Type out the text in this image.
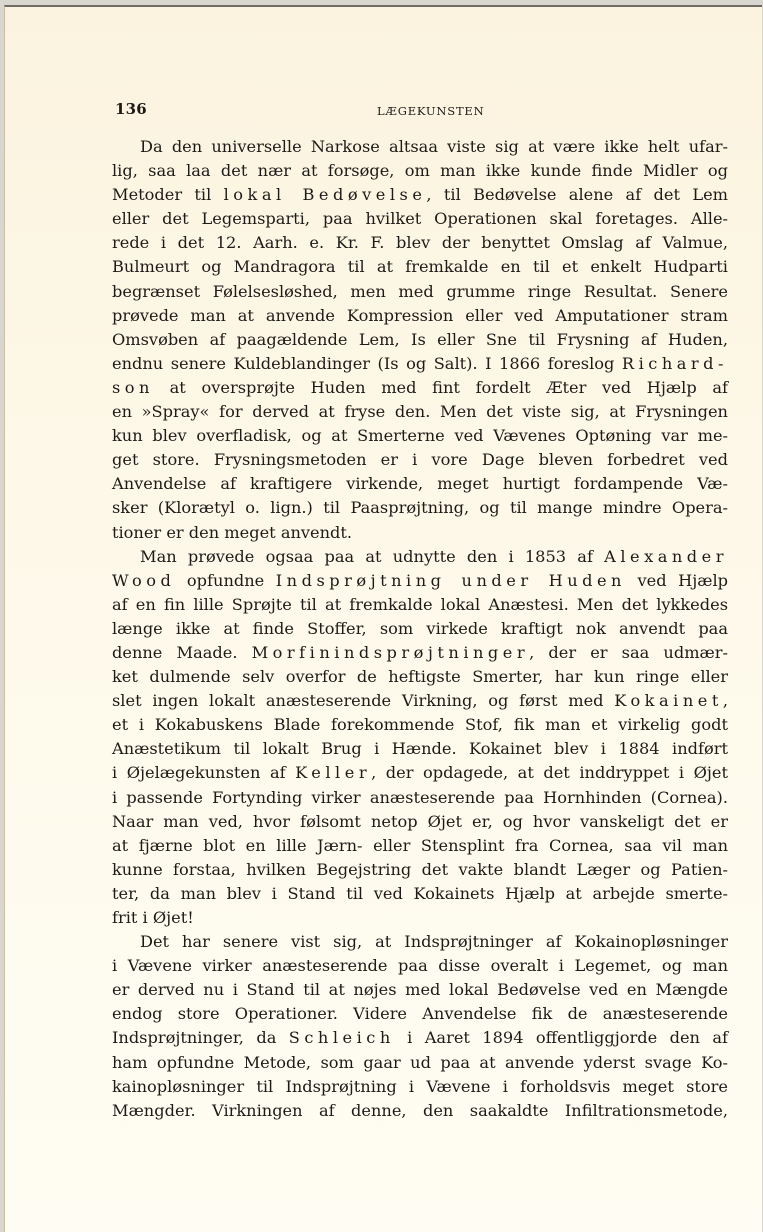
136	LÆGEKUNSTEN
Da den universelle Narkose altsaa viste sig at være ikke helt ufar-
lig, saa laa det nær at forsøge, om man ikke kunde finde Midler og
Metoder til lokal Bedøvelse, til Bedøvelse alene af det Lem
eller det Legemsparti, paa hvilket Operationen skal foretages. Alle-
rede i det 12. Aarh. e. Kr. F. blev der benyttet Omslag af Valmue,
Bulmeurt og Mandragora til at fremkalde en til et enkelt Hudparti
begrænset Følelsesløshed, men med grumme ringe Resultat. Senere
prøvede man at anvende Kompression eller ved Amputationer stram
Omsvøben af paagældende Lem, Is eller Sne til Frysning af Huden,
endnu senere Kuldeblandinger (Is og Salt). I 1866 foreslog Richard-
son at oversprøjte Huden med fint fordelt Æter ved Hjælp af
en »Spray« for derved at fryse den. Men det viste sig, at Frysningen
kun blev overfladisk, og at Smerterne ved Vævenes Optøning var me-
get store. Frysningsmetoden er i vore Dage bleven forbedret ved
Anvendelse af kraftigere virkende, meget hurtigt fordampende Væ-
sker (Klorætyl o. lign.) til Paasprøjtning, og til mange mindre Opera-
tioner er den meget anvendt.
Man prøvede ogsaa paa at udnytte den i 1853 af Alexander
Wood opfundne Indsprøjtning under Huden ved Hjælp
af en fin lille Sprøjte til at fremkalde lokal Anæstesi. Men det lykkedes
længe ikke at finde Stoffer, som virkede kraftigt nok anvendt paa
denne Maade. Morfinindsprøjtninger, der er saa udmær-
ket dulmende selv overfor de heftigste Smerter, har kun ringe eller
slet ingen lokalt anæsteserende Virkning, og først med Kokainet,
et i Kokabuskens Blade forekommende Stof, fik man et virkelig godt
Anæstetikum til lokalt Brug i Hænde. Kokainet blev i 1884 indført
i Øjelægekunsten af Keller, der opdagede, at det inddryppet i Øjet
i passende Fortynding virker anæsteserende paa Hornhinden (Cornea).
Naar man ved, hvor følsomt netop Øjet er, og hvor vanskeligt det er
at fjærne blot en lille Jærn- eller Stensplint fra Cornea, saa vil man
kunne forstaa, hvilken Begejstring det vakte blandt Læger og Patien-
ter, da man blev i Stand til ved Kokainets Hjælp at arbejde smerte-
frit i Øjet!
Det har senere vist sig, at Indsprøjtninger af Kokainopløsninger
i Vævene virker anæsteserende paa disse overalt i Legemet, og man
er derved nu i Stand til at nøjes med lokal Bedøvelse ved en Mængde
endog store Operationer. Videre Anvendelse fik de anæsteserende
Indsprøjtninger, da Schleich i Aaret 1894 offentliggjorde den af
ham opfundne Metode, som gaar ud paa at anvende yderst svage Ko-
kainopløsninger til Indsprøjtning i Vævene i forholdsvis meget store
Mængder. Virkningen af denne, den saakaldte Infiltrationsmetode,
